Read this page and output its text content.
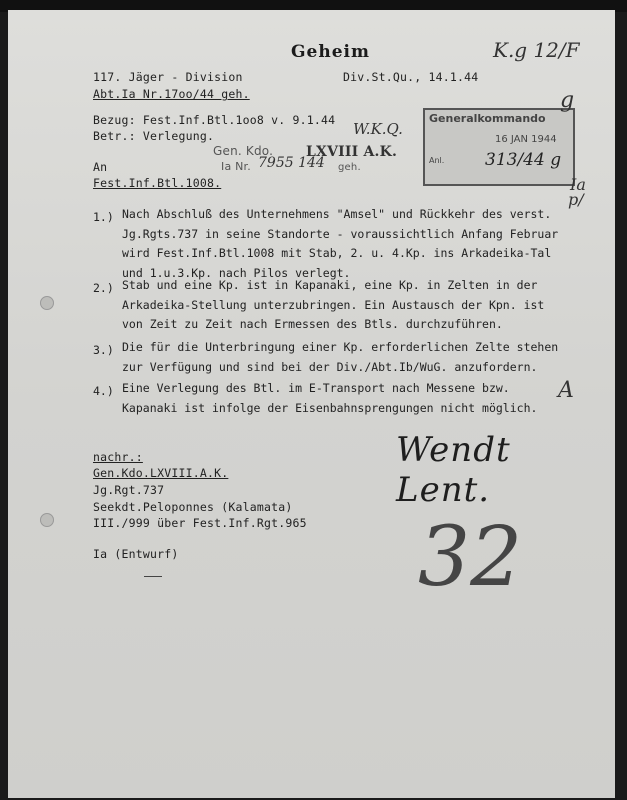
Geheim	K.g 12/F
117. Jäger - Division	Div.St.Qu., 14.1.44
Abt.Ia Nr.17oo/44 geh.
Bezug: Fest.Inf.Btl.1oo8 v. 9.1.44
Betr.: Verlegung.	W.K.Q.
Generalkommando
16 JAN 1944
Anl. 313/44 g
g
Ia
An
Fest.Inf.Btl.1008.
Gen. Kdo.
Ia Nr. 7955 144
LXVIII A.K.
geh.
1.) Nach Abschluß des Unternehmens "Amsel" und Rückkehr des verst.
Jg.Rgts.737 in seine Standorte - voraussichtlich Anfang Februar
wird Fest.Inf.Btl.1008 mit Stab, 2. u. 4.Kp. ins Arkadeika-Tal
und 1.u.3.Kp. nach Pilos verlegt.
2.) Stab und eine Kp. ist in Kapanaki, eine Kp. in Zelten in der
Arkadeika-Stellung unterzubringen. Ein Austausch der Kpn. ist
von Zeit zu Zeit nach Ermessen des Btls. durchzuführen.
3.) Die für die Unterbringung einer Kp. erforderlichen Zelte stehen
zur Verfügung und sind bei der Div./Abt.Ib/WuG. anzufordern.
4.) Eine Verlegung des Btl. im E-Transport nach Messene bzw.
Kapanaki ist infolge der Eisenbahnsprengungen nicht möglich.
nachr.:
Gen.Kdo.LXVIII.A.K.
Jg.Rgt.737
Seekdt.Peloponnes (Kalamata)
III./999 über Fest.Inf.Rgt.965
Ia (Entwurf)
Wendt Lent.
32
A
p/
